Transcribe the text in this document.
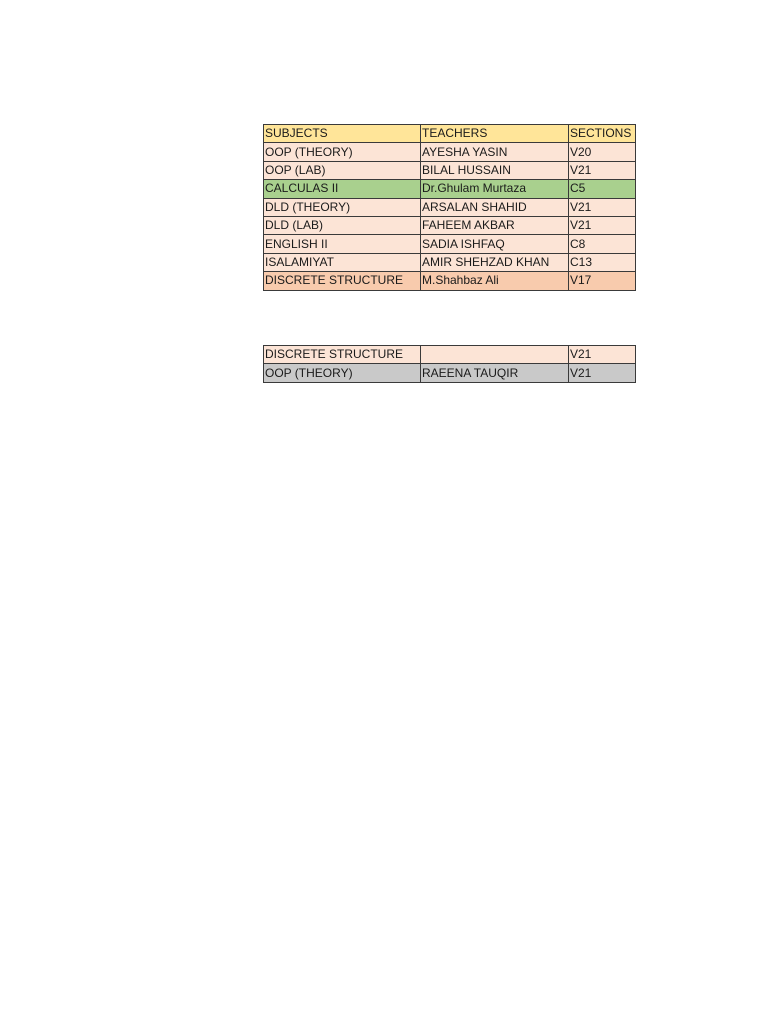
SUBJECTS	TEACHERS	SECTIONS
OOP (THEORY)	AYESHA YASIN	V20
OOP (LAB)	BILAL HUSSAIN	V21
CALCULAS II	Dr.Ghulam Murtaza	C5
DLD (THEORY)	ARSALAN SHAHID	V21
DLD (LAB)	FAHEEM AKBAR	V21
ENGLISH II	SADIA ISHFAQ	C8
ISALAMIYAT	AMIR SHEHZAD KHAN	C13
DISCRETE STRUCTURE	M.Shahbaz Ali	V17
DISCRETE STRUCTURE		V21
OOP (THEORY)	RAEENA TAUQIR	V21
